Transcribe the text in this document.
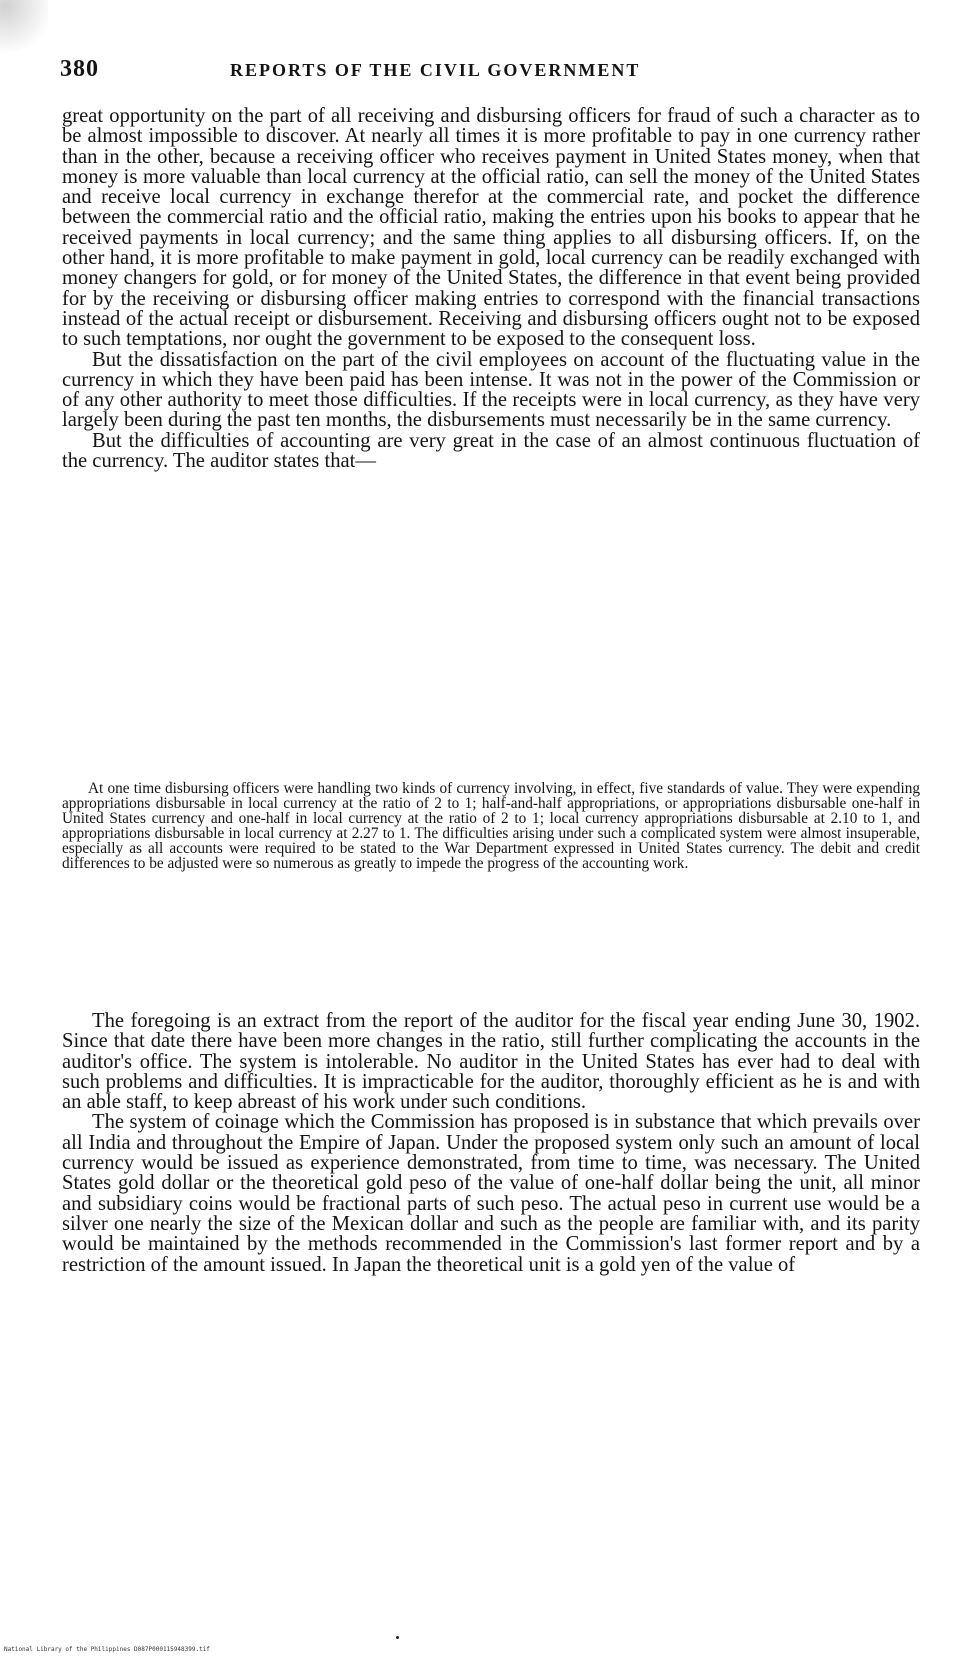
380	REPORTS OF THE CIVIL GOVERNMENT

great opportunity on the part of all receiving and disbursing officers for fraud of such a character as to be almost impossible to discover. At nearly all times it is more profitable to pay in one currency rather than in the other, because a receiving officer who receives payment in United States money, when that money is more valuable than local currency at the official ratio, can sell the money of the United States and receive local currency in exchange therefor at the commercial rate, and pocket the difference between the commercial ratio and the official ratio, making the entries upon his books to appear that he received payments in local currency; and the same thing applies to all disbursing officers. If, on the other hand, it is more profitable to make payment in gold, local currency can be readily exchanged with money changers for gold, or for money of the United States, the difference in that event being provided for by the receiving or disbursing officer making entries to correspond with the financial transactions instead of the actual receipt or disbursement. Receiving and disbursing officers ought not to be exposed to such temptations, nor ought the government to be exposed to the consequent loss.

But the dissatisfaction on the part of the civil employees on account of the fluctuating value in the currency in which they have been paid has been intense. It was not in the power of the Commission or of any other authority to meet those difficulties. If the receipts were in local currency, as they have very largely been during the past ten months, the disbursements must necessarily be in the same currency.

But the difficulties of accounting are very great in the case of an almost continuous fluctuation of the currency. The auditor states that—

At one time disbursing officers were handling two kinds of currency involving, in effect, five standards of value. They were expending appropriations disbursable in local currency at the ratio of 2 to 1; half-and-half appropriations, or appropriations disbursable one-half in United States currency and one-half in local currency at the ratio of 2 to 1; local currency appropriations disbursable at 2.10 to 1, and appropriations disbursable in local currency at 2.27 to 1. The difficulties arising under such a complicated system were almost insuperable, especially as all accounts were required to be stated to the War Department expressed in United States currency. The debit and credit differences to be adjusted were so numerous as greatly to impede the progress of the accounting work.

The foregoing is an extract from the report of the auditor for the fiscal year ending June 30, 1902. Since that date there have been more changes in the ratio, still further complicating the accounts in the auditor's office. The system is intolerable. No auditor in the United States has ever had to deal with such problems and difficulties. It is impracticable for the auditor, thoroughly efficient as he is and with an able staff, to keep abreast of his work under such conditions.

The system of coinage which the Commission has proposed is in substance that which prevails over all India and throughout the Empire of Japan. Under the proposed system only such an amount of local currency would be issued as experience demonstrated, from time to time, was necessary. The United States gold dollar or the theoretical gold peso of the value of one-half dollar being the unit, all minor and subsidiary coins would be fractional parts of such peso. The actual peso in current use would be a silver one nearly the size of the Mexican dollar and such as the people are familiar with, and its parity would be maintained by the methods recommended in the Commission's last former report and by a restriction of the amount issued. In Japan the theoretical unit is a gold yen of the value of

National Library of the Philippines D087P000115948399.tif
